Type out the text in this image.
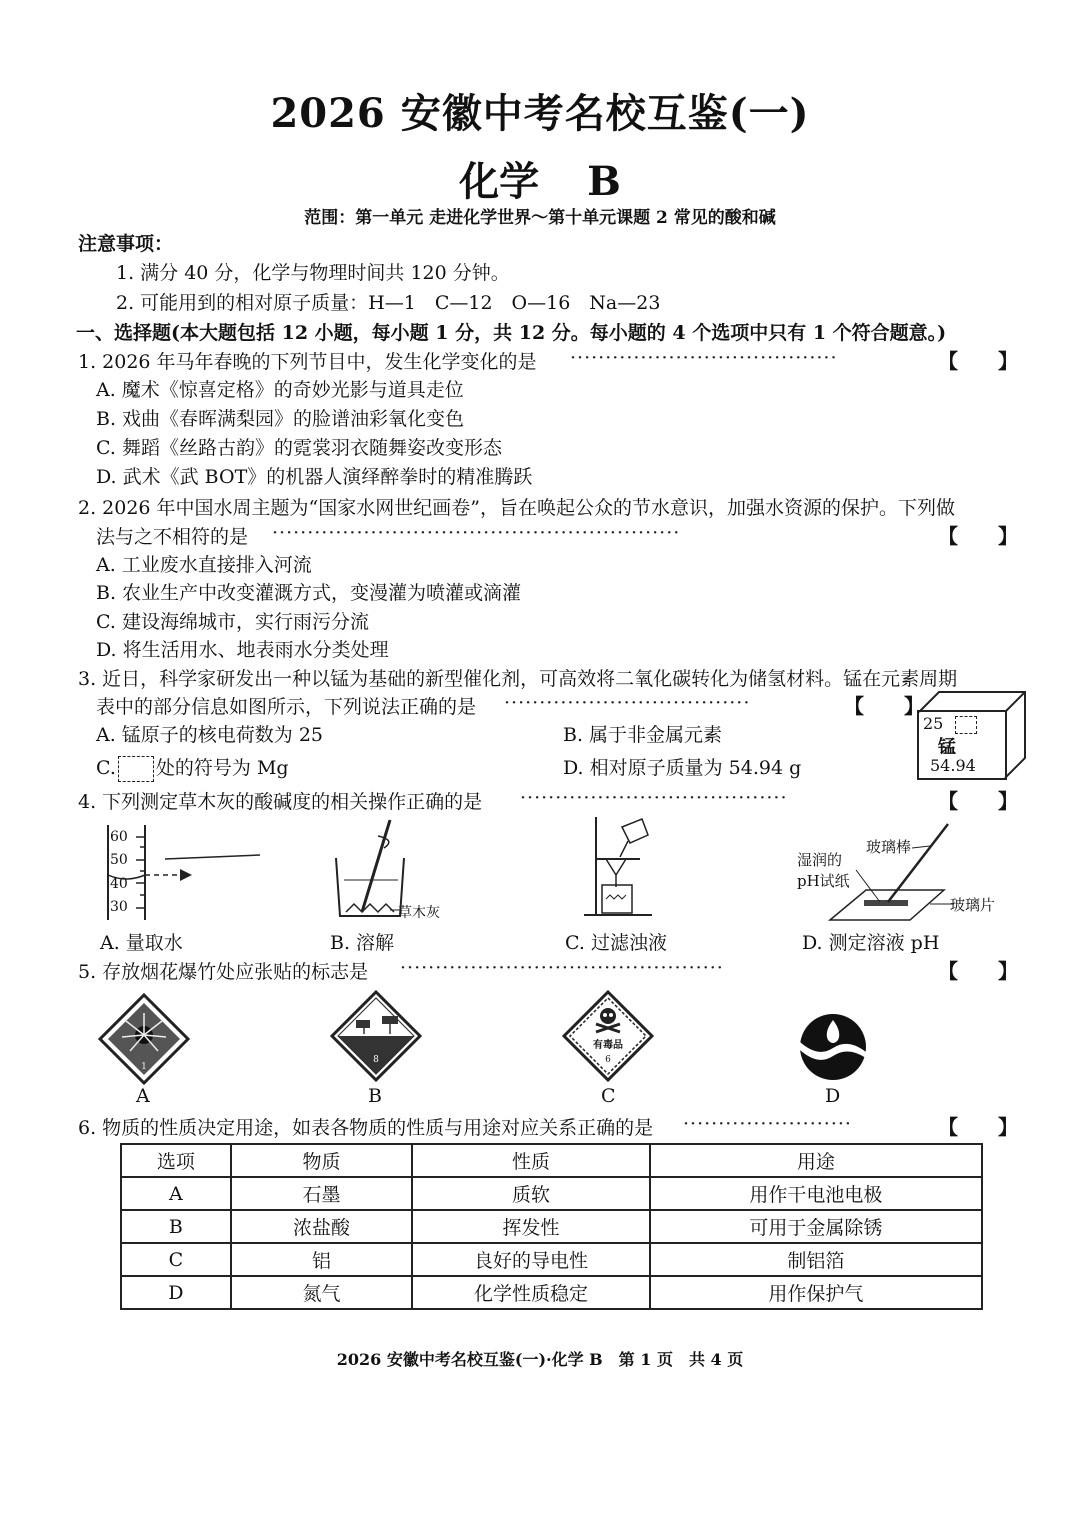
2026 安徽中考名校互鉴(一)
化学 B
范围：第一单元 走进化学世界～第十单元课题 2 常见的酸和碱
注意事项：
1. 满分 40 分，化学与物理时间共 120 分钟。
2. 可能用到的相对原子质量：H—1　C—12　O—16　Na—23
一、选择题(本大题包括 12 小题，每小题 1 分，共 12 分。每小题的 4 个选项中只有 1 个符合题意。)
1. 2026 年马年春晚的下列节目中，发生化学变化的是 ······································	【　　】
A. 魔术《惊喜定格》的奇妙光影与道具走位
B. 戏曲《春晖满梨园》的脸谱油彩氧化变色
C. 舞蹈《丝路古韵》的霓裳羽衣随舞姿改变形态
D. 武术《武 BOT》的机器人演绎醉拳时的精准腾跃
2. 2026 年中国水周主题为“国家水网世纪画卷”，旨在唤起公众的节水意识，加强水资源的保护。下列做
法与之不相符的是 ··························································	【　　】
A. 工业废水直接排入河流
B. 农业生产中改变灌溉方式，变漫灌为喷灌或滴灌
C. 建设海绵城市，实行雨污分流
D. 将生活用水、地表雨水分类处理
3. 近日，科学家研发出一种以锰为基础的新型催化剂，可高效将二氧化碳转化为储氢材料。锰在元素周期
表中的部分信息如图所示，下列说法正确的是 ···································	【　　】
A. 锰原子的核电荷数为 25	B. 属于非金属元素
C. 处的符号为 Mg	D. 相对原子质量为 54.94 g
25
锰
54.94
4. 下列测定草木灰的酸碱度的相关操作正确的是 ······································	【　　】
60
50
40
30	草木灰
湿润的
pH试纸
玻璃棒
玻璃片
A. 量取水	B. 溶解	C. 过滤浊液	D. 测定溶液 pH
5. 存放烟花爆竹处应张贴的标志是 ··············································	【　　】
1
8
有毒品
6
A	B	C	D
6. 物质的性质决定用途，如表各物质的性质与用途对应关系正确的是 ························	【　　】
选项	物质	性质	用途
A	石墨	质软	用作干电池电极
B	浓盐酸	挥发性	可用于金属除锈
C	铝	良好的导电性	制铝箔
D	氮气	化学性质稳定	用作保护气
2026 安徽中考名校互鉴(一)·化学 B　第 1 页　共 4 页
